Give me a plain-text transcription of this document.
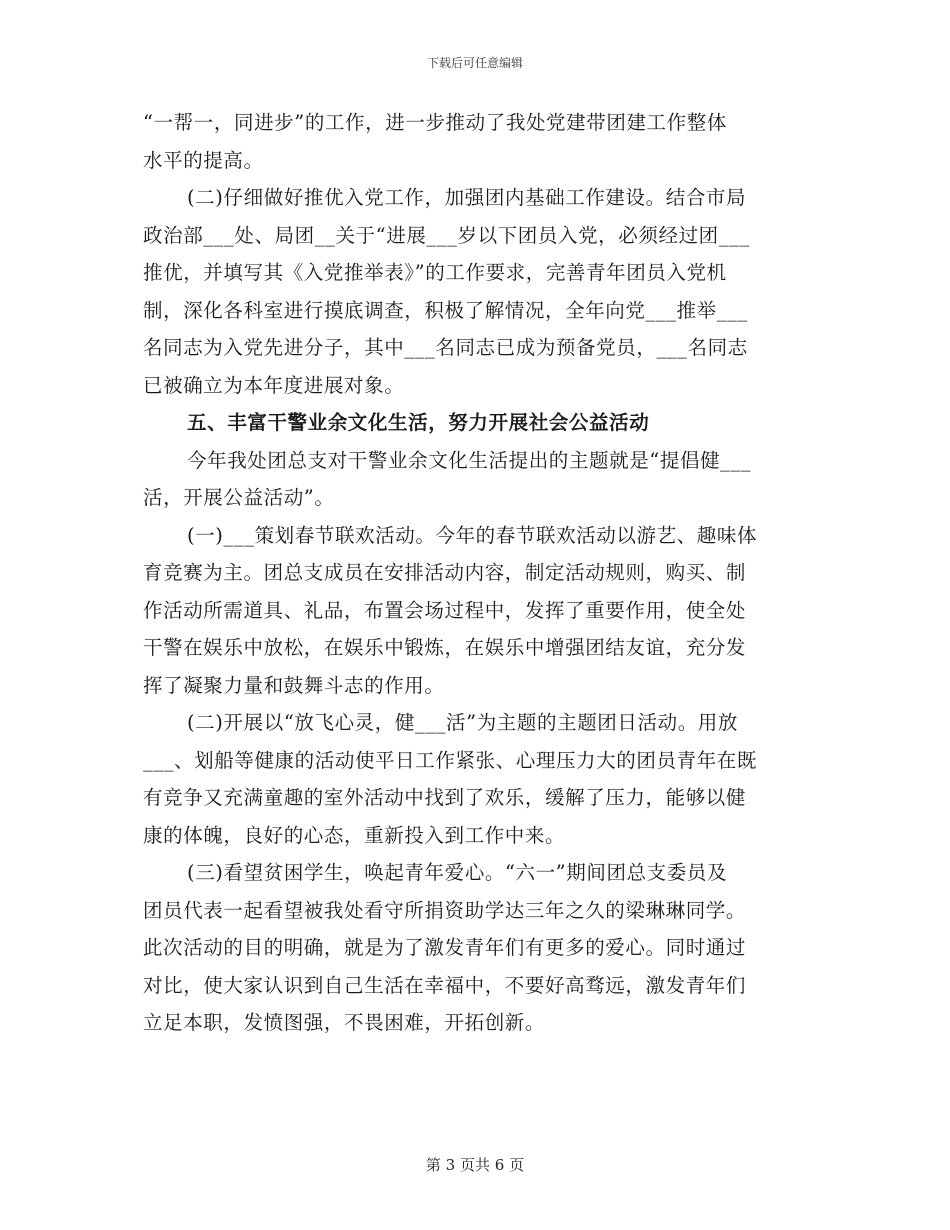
下载后可任意编辑
“一帮一，同进步”的工作，进一步推动了我处党建带团建工作整体
水平的提高。
(二)仔细做好推优入党工作，加强团内基础工作建设。结合市局
政治部___处、局团__关于“进展___岁以下团员入党，必须经过团___
推优，并填写其《入党推举表》”的工作要求，完善青年团员入党机
制，深化各科室进行摸底调查，积极了解情况，全年向党___推举___
名同志为入党先进分子，其中___名同志已成为预备党员，___名同志
已被确立为本年度进展对象。
五、丰富干警业余文化生活，努力开展社会公益活动
今年我处团总支对干警业余文化生活提出的主题就是“提倡健___
活，开展公益活动”。
(一)___策划春节联欢活动。今年的春节联欢活动以游艺、趣味体
育竞赛为主。团总支成员在安排活动内容，制定活动规则，购买、制
作活动所需道具、礼品，布置会场过程中，发挥了重要作用，使全处
干警在娱乐中放松，在娱乐中锻炼，在娱乐中增强团结友谊，充分发
挥了凝聚力量和鼓舞斗志的作用。
(二)开展以“放飞心灵，健___活”为主题的主题团日活动。用放
___、划船等健康的活动使平日工作紧张、心理压力大的团员青年在既
有竞争又充满童趣的室外活动中找到了欢乐，缓解了压力，能够以健
康的体魄，良好的心态，重新投入到工作中来。
(三)看望贫困学生，唤起青年爱心。“六一”期间团总支委员及
团员代表一起看望被我处看守所捐资助学达三年之久的梁琳琳同学。
此次活动的目的明确，就是为了激发青年们有更多的爱心。同时通过
对比，使大家认识到自己生活在幸福中，不要好高骛远，激发青年们
立足本职，发愤图强，不畏困难，开拓创新。
第 3 页共 6 页
